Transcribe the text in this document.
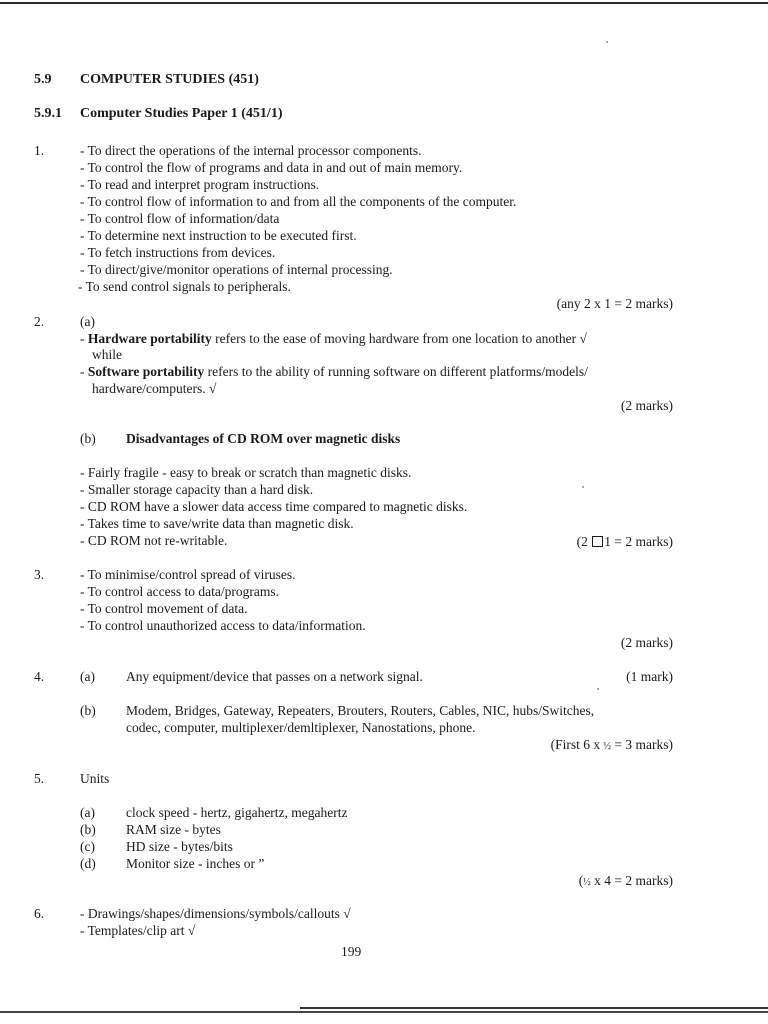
5.9 COMPUTER STUDIES (451)
5.9.1 Computer Studies Paper 1 (451/1)
1.	- To direct the operations of the internal processor components.
- To control the flow of programs and data in and out of main memory.
- To read and interpret program instructions.
- To control flow of information to and from all the components of the computer.
- To control flow of information/data
- To determine next instruction to be executed first.
- To fetch instructions from devices.
- To direct/give/monitor operations of internal processing.
- To send control signals to peripherals.
(any 2 x 1 = 2 marks)
2.	(a)
- Hardware portability refers to the ease of moving hardware from one location to another √
while
- Software portability refers to the ability of running software on different platforms/models/
hardware/computers. √
(2 marks)
(b) Disadvantages of CD ROM over magnetic disks
- Fairly fragile - easy to break or scratch than magnetic disks.
- Smaller storage capacity than a hard disk.
- CD ROM have a slower data access time compared to magnetic disks.
- Takes time to save/write data than magnetic disk.
- CD ROM not re-writable.	(2 1 = 2 marks)
3.	- To minimise/control spread of viruses.
- To control access to data/programs.
- To control movement of data.
- To control unauthorized access to data/information.
(2 marks)
4.	(a) Any equipment/device that passes on a network signal.	(1 mark)
(b) Modem, Bridges, Gateway, Repeaters, Brouters, Routers, Cables, NIC, hubs/Switches,
codec, computer, multiplexer/demltiplexer, Nanostations, phone.
(First 6 x ½ = 3 marks)
5.	Units
(a) clock speed - hertz, gigahertz, megahertz
(b) RAM size - bytes
(c) HD size - bytes/bits
(d) Monitor size - inches or ”
(½ x 4 = 2 marks)
6.	- Drawings/shapes/dimensions/symbols/callouts √
- Templates/clip art √
199
